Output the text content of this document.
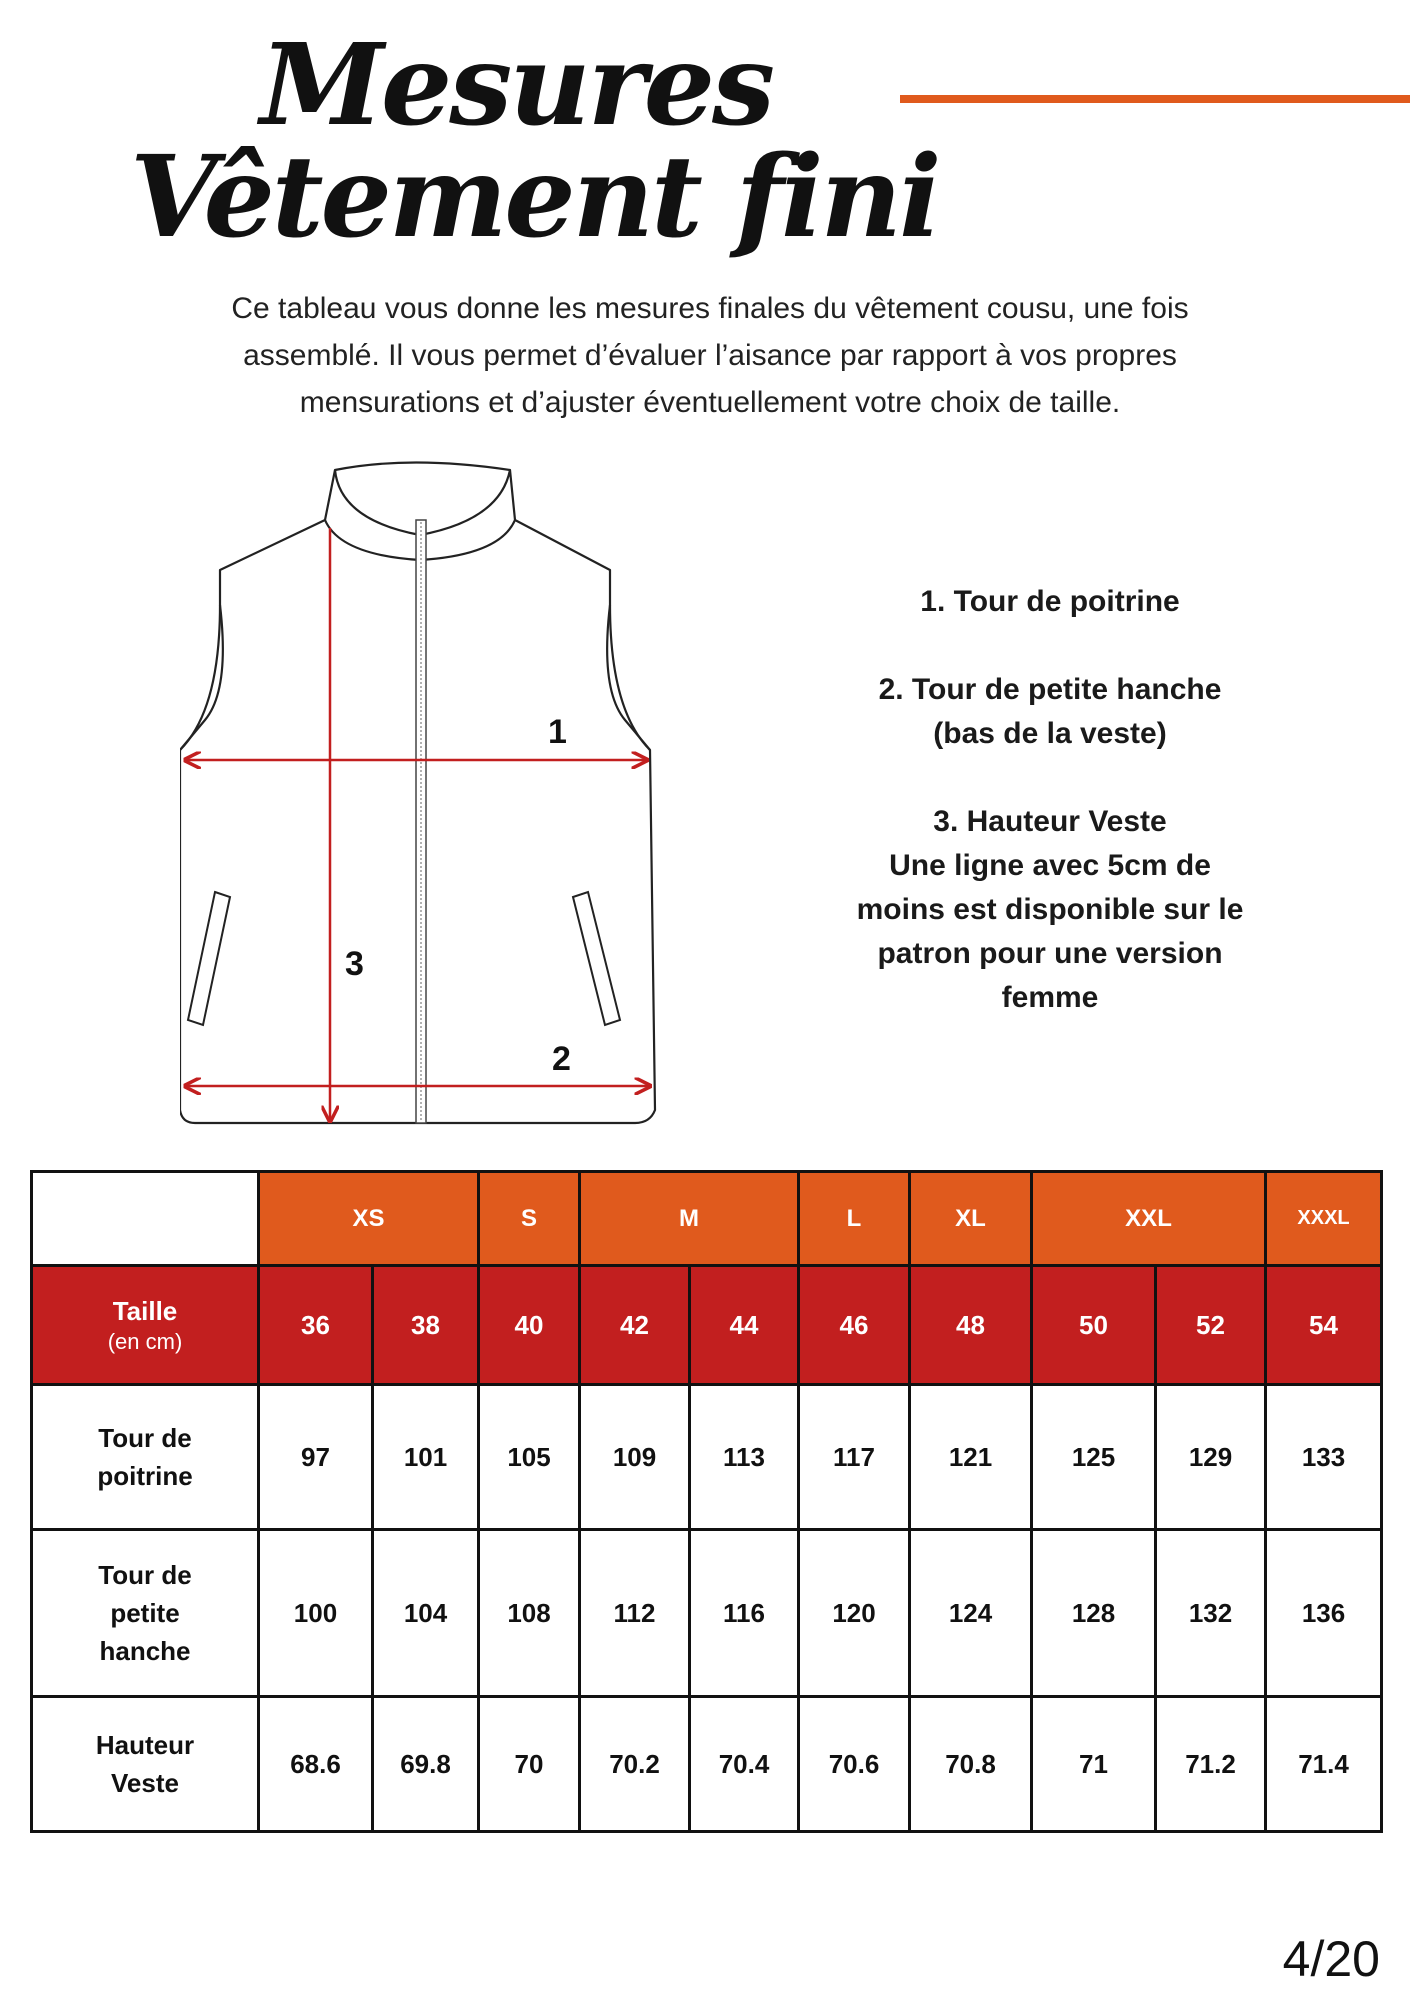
Mesures
Vêtement fini
Ce tableau vous donne les mesures finales du vêtement cousu, une fois
assemblé. Il vous permet d’évaluer l’aisance par rapport à vos propres
mensurations et d’ajuster éventuellement votre choix de taille.
1
2
3

1. Tour de poitrine

2. Tour de petite hanche
(bas de la veste)

3. Hauteur Veste
Une ligne avec 5cm de
moins est disponible sur le
patron pour une version
femme

	XS		S	M		L	XL	XXL		XXXL
Taille
(en cm)	36	38	40	42	44	46	48	50	52	54

Tour de
poitrine	97	101	105	109	113	117	121	125	129	133

Tour de
petite
hanche	100	104	108	112	116	120	124	128	132	136

Hauteur
Veste	68.6	69.8	70	70.2	70.4	70.6	70.8	71	71.2	71.4
4/20
